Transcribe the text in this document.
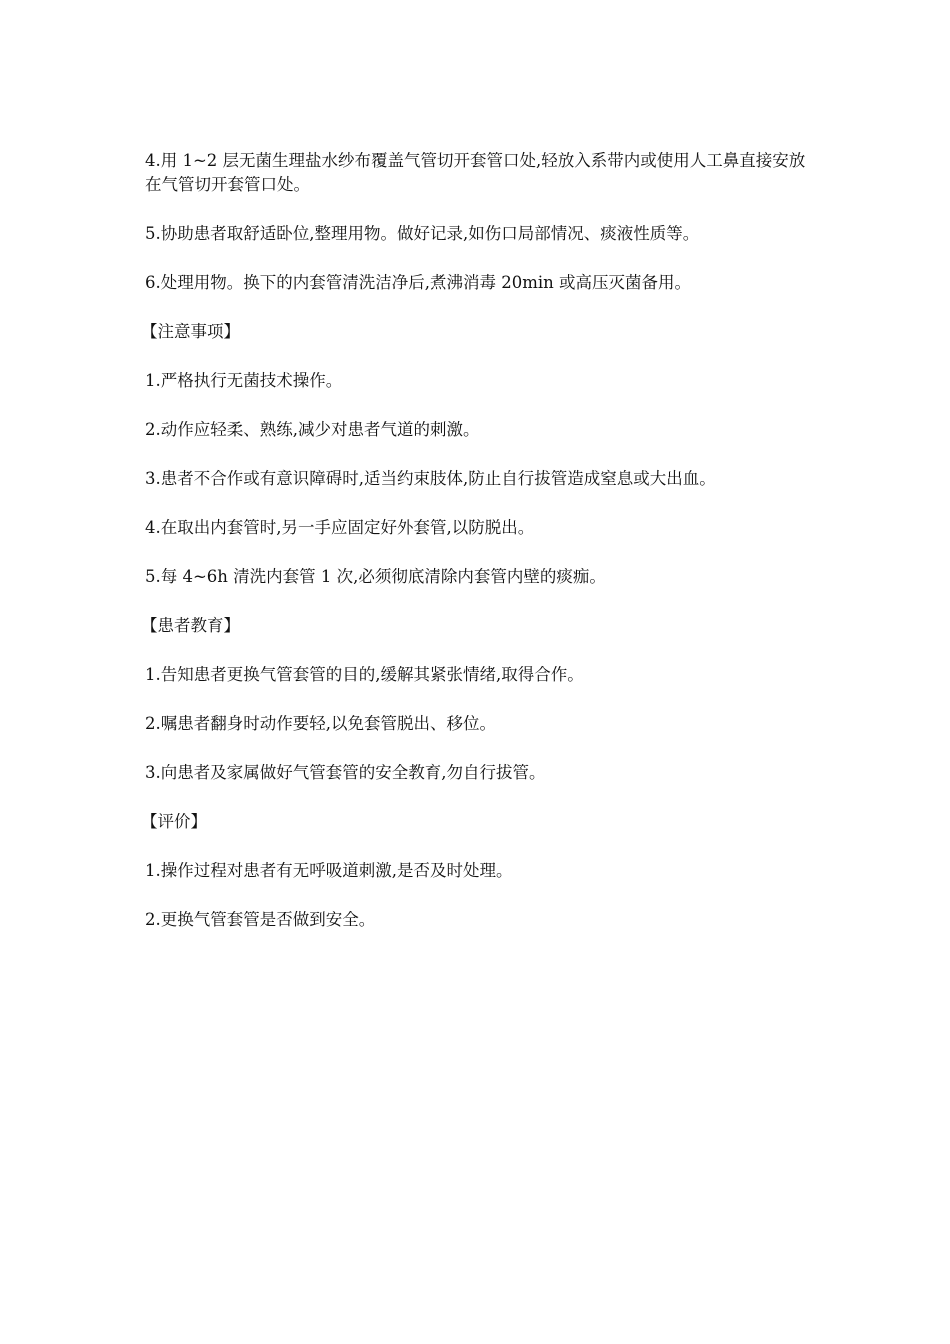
4.用 1~2 层无菌生理盐水纱布覆盖气管切开套管口处,轻放入系带内或使用人工鼻直接安放在气管切开套管口处。

5.协助患者取舒适卧位,整理用物。做好记录,如伤口局部情况、痰液性质等。

6.处理用物。换下的内套管清洗洁净后,煮沸消毒 20min 或高压灭菌备用。

【注意事项】

1.严格执行无菌技术操作。

2.动作应轻柔、熟练,减少对患者气道的刺激。

3.患者不合作或有意识障碍时,适当约束肢体,防止自行拔管造成窒息或大出血。

4.在取出内套管时,另一手应固定好外套管,以防脱出。

5.每 4~6h 清洗内套管 1 次,必须彻底清除内套管内壁的痰痂。

【患者教育】

1.告知患者更换气管套管的目的,缓解其紧张情绪,取得合作。

2.嘱患者翻身时动作要轻,以免套管脱出、移位。

3.向患者及家属做好气管套管的安全教育,勿自行拔管。

【评价】

1.操作过程对患者有无呼吸道刺激,是否及时处理。

2.更换气管套管是否做到安全。
